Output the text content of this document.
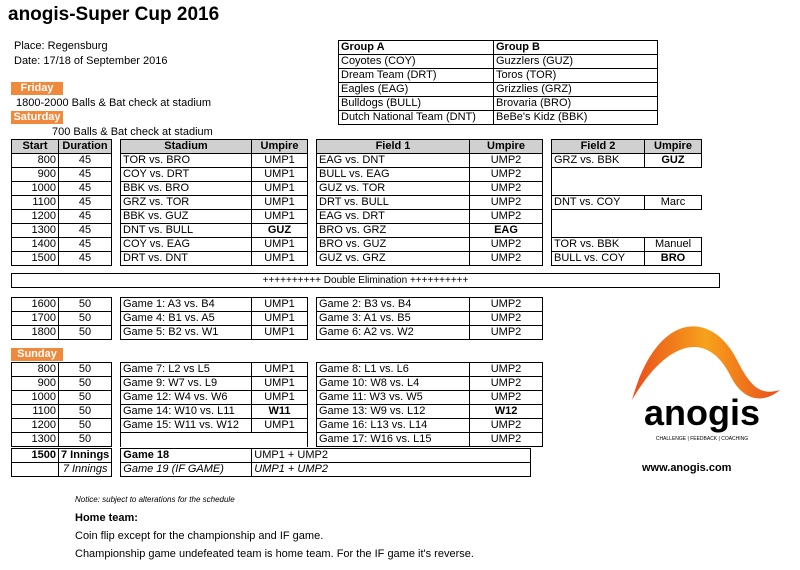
anogis-Super Cup 2016
Place: Regensburg
Date: 17/18 of September 2016
Group A	Group B
Coyotes (COY)	Guzzlers (GUZ)
Dream Team (DRT)	Toros (TOR)
Eagles (EAG)	Grizzlies (GRZ)
Bulldogs (BULL)	Brovaria (BRO)
Dutch National Team (DNT)	BeBe's Kidz (BBK)
Friday
1800-2000 Balls & Bat check at stadium
Saturday
700 Balls & Bat check at stadium
Start	Duration		Stadium	Umpire		Field 1	Umpire		Field 2	Umpire
800	45		TOR vs. BRO	UMP1		EAG vs. DNT	UMP2		GRZ vs. BBK	GUZ
900	45		COY vs. DRT	UMP1		BULL vs. EAG	UMP2			
1000	45		BBK vs. BRO	UMP1		GUZ vs. TOR	UMP2			
1100	45		GRZ vs. TOR	UMP1		DRT vs. BULL	UMP2		DNT vs. COY	Marc
1200	45		BBK vs. GUZ	UMP1		EAG vs. DRT	UMP2			
1300	45		DNT vs. BULL	GUZ		BRO vs. GRZ	EAG			
1400	45		COY vs. EAG	UMP1		BRO vs. GUZ	UMP2		TOR vs. BBK	Manuel
1500	45		DRT vs. DNT	UMP1		GUZ vs. GRZ	UMP2		BULL vs. COY	BRO
++++++++++ Double Elimination ++++++++++
1600	50		Game 1: A3 vs. B4	UMP1		Game 2: B3 vs. B4	UMP2
1700	50		Game 4: B1 vs. A5	UMP1		Game 3: A1 vs. B5	UMP2
1800	50		Game 5: B2 vs. W1	UMP1		Game 6: A2 vs. W2	UMP2
Sunday
800	50		Game 7: L2 vs L5	UMP1		Game 8: L1 vs. L6	UMP2
900	50		Game 9: W7 vs. L9	UMP1		Game 10: W8 vs. L4	UMP2
1000	50		Game 12: W4 vs. W6	UMP1		Game 11: W3 vs. W5	UMP2
1100	50		Game 14: W10 vs. L11	W11		Game 13: W9 vs. L12	W12
1200	50		Game 15: W11 vs. W12	UMP1		Game 16: L13 vs. L14	UMP2
1300	50					Game 17: W16 vs. L15	UMP2
1500	7 Innings		Game 18	UMP1 + UMP2
	7 Innings		Game 19 (IF GAME)	UMP1 + UMP2
Notice: subject to alterations for the schedule
Home team:
Coin flip except for the championship and IF game.
Championship game undefeated team is home team. For the IF game it's reverse.
anogis
CHALLENGE | FEEDBACK | COACHING
www.anogis.com
